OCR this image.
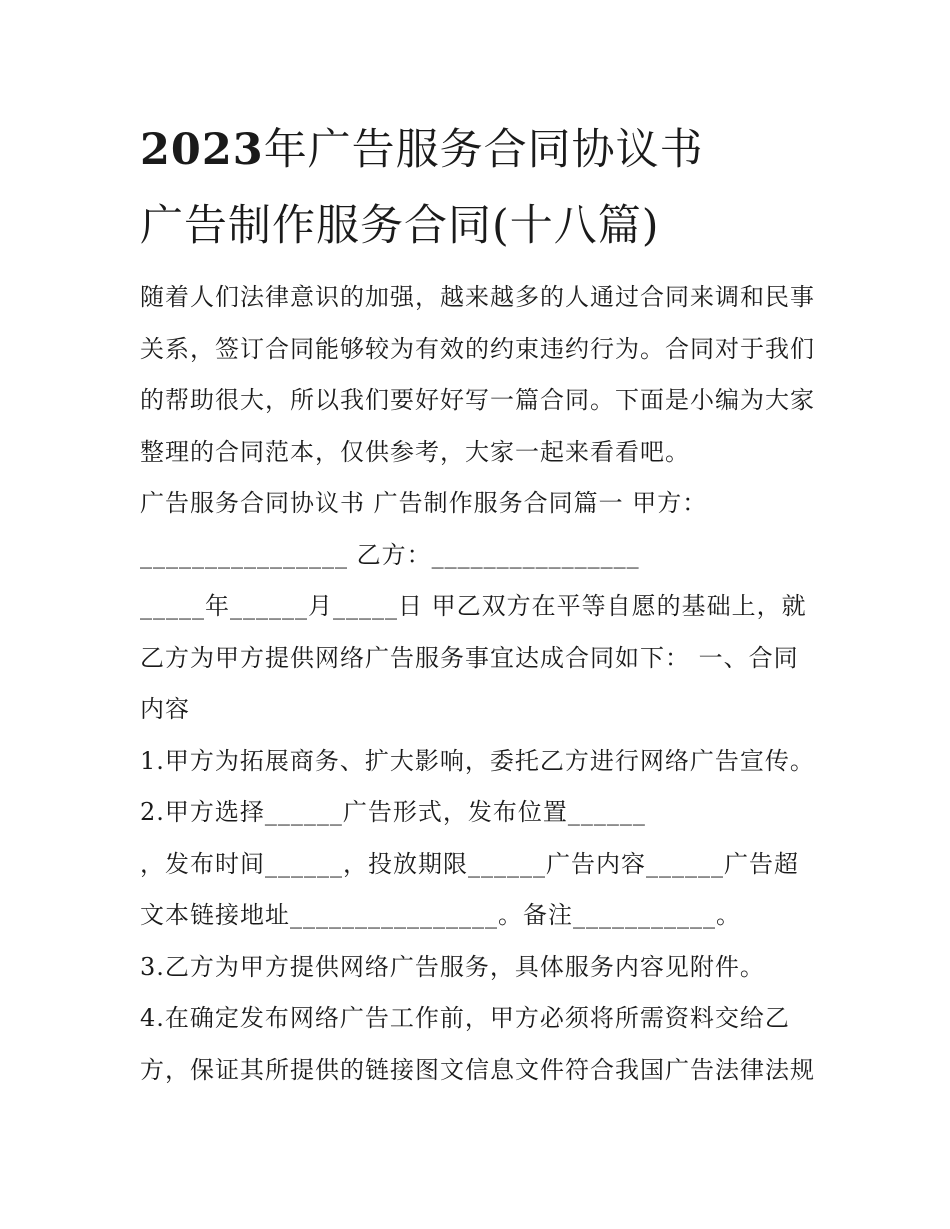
2023年广告服务合同协议书
广告制作服务合同(十八篇)

随着人们法律意识的加强，越来越多的人通过合同来调和民事关系，签订合同能够较为有效的约束违约行为。合同对于我们的帮助很大，所以我们要好好写一篇合同。下面是小编为大家整理的合同范本，仅供参考，大家一起来看看吧。

广告服务合同协议书 广告制作服务合同篇一 甲方：

________________ 乙方：________________

_____年______月_____日 甲乙双方在平等自愿的基础上，就乙方为甲方提供网络广告服务事宜达成合同如下： 一、合同内容

1.甲方为拓展商务、扩大影响，委托乙方进行网络广告宣传。

2.甲方选择______广告形式，发布位置______

，发布时间______，投放期限______广告内容______广告超文本链接地址________________。备注___________。

3.乙方为甲方提供网络广告服务，具体服务内容见附件。

4.在确定发布网络广告工作前，甲方必须将所需资料交给乙方，保证其所提供的链接图文信息文件符合我国广告法律法规
